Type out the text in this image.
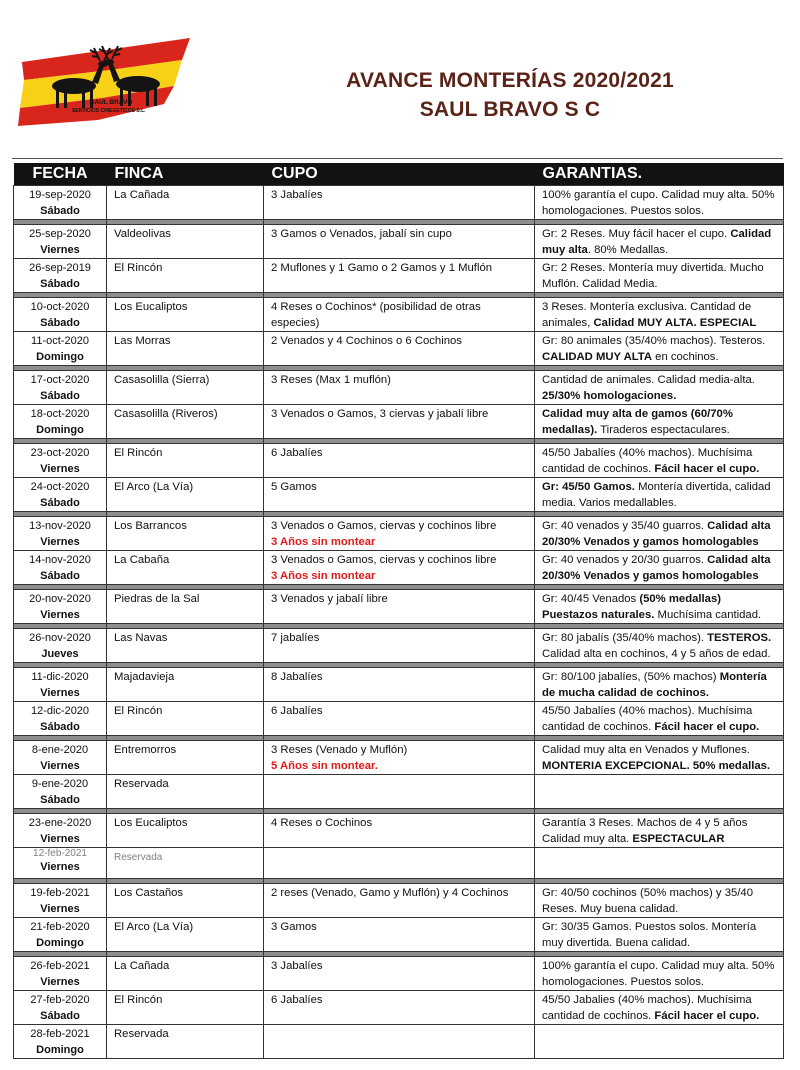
SAUL BRAVO
SERVICIOS CINEGETICOS S.L.
AVANCE MONTERÍAS 2020/2021
SAUL BRAVO S C
FECHA	FINCA	CUPO	GARANTIAS.

19-sep-2020
Sábado	La Cañada	3 Jabalíes	100% garantía el cupo. Calidad muy alta. 50% homologaciones. Puestos solos.

25-sep-2020
Viernes	Valdeolivas	3 Gamos o Venados, jabalí sin cupo	Gr: 2 Reses. Muy fácil hacer el cupo. Calidad muy alta. 80% Medallas.

26-sep-2019
Sábado	El Rincón	2 Muflones y 1 Gamo o 2 Gamos y 1 Muflón	Gr: 2 Reses. Montería muy divertida. Mucho Muflón. Calidad Media.

10-oct-2020
Sábado	Los Eucaliptos	4 Reses o Cochinos* (posibilidad de otras especies)	3 Reses. Montería exclusiva. Cantidad de animales, Calidad MUY ALTA. ESPECIAL

11-oct-2020
Domingo	Las Morras	2 Venados y 4 Cochinos o 6 Cochinos	Gr: 80 animales (35/40% machos). Testeros. CALIDAD MUY ALTA en cochinos.

17-oct-2020
Sábado	Casasolilla (Sierra)	3 Reses (Max 1 muflón)	Cantidad de animales. Calidad media-alta. 25/30% homologaciones.

18-oct-2020
Domingo	Casasolilla (Riveros)	3 Venados o Gamos, 3 ciervas y jabalí libre	Calidad muy alta de gamos (60/70% medallas). Tiraderos espectaculares.

23-oct-2020
Viernes	El Rincón	6 Jabalíes	45/50 Jabalíes (40% machos). Muchísima cantidad de cochinos. Fácil hacer el cupo.

24-oct-2020
Sábado	El Arco (La Vía)	5 Gamos	Gr: 45/50 Gamos. Montería divertida, calidad media. Varios medallables.

13-nov-2020
Viernes	Los Barrancos	3 Venados o Gamos, ciervas y cochinos libre
3 Años sin montear	Gr: 40 venados y 35/40 guarros. Calidad alta 20/30% Venados y gamos homologables

14-nov-2020
Sábado	La Cabaña	3 Venados o Gamos, ciervas y cochinos libre
3 Años sin montear	Gr: 40 venados y 20/30 guarros. Calidad alta 20/30% Venados y gamos homologables

20-nov-2020
Viernes	Piedras de la Sal	3 Venados y jabalí libre	Gr: 40/45 Venados (50% medallas) Puestazos naturales. Muchísima cantidad.

26-nov-2020
Jueves	Las Navas	7 jabalíes	Gr: 80 jabalís (35/40% machos). TESTEROS. Calidad alta en cochinos, 4 y 5 años de edad.

11-dic-2020
Viernes	Majadavieja	8 Jabalíes	Gr: 80/100 jabalíes, (50% machos) Montería de mucha calidad de cochinos.

12-dic-2020
Sábado	El Rincón	6 Jabalíes	45/50 Jabalíes (40% machos). Muchísima cantidad de cochinos. Fácil hacer el cupo.

8-ene-2020
Viernes	Entremorros	3 Reses (Venado y Muflón)
5 Años sin montear.	Calidad muy alta en Venados y Muflones. MONTERIA EXCEPCIONAL. 50% medallas.

9-ene-2020
Sábado	Reservada		

23-ene-2020
Viernes	Los Eucaliptos	4 Reses o Cochinos	Garantía 3 Reses. Machos de 4 y 5 años Calidad muy alta. ESPECTACULAR

12-feb-2021
Viernes	Reservada		

19-feb-2021
Viernes	Los Castaños	2 reses (Venado, Gamo y Muflón) y 4 Cochinos	Gr: 40/50 cochinos (50% machos) y 35/40 Reses. Muy buena calidad.

21-feb-2020
Domingo	El Arco (La Vía)	3 Gamos	Gr: 30/35 Gamos. Puestos solos. Montería muy divertida. Buena calidad.

26-feb-2021
Viernes	La Cañada	3 Jabalíes	100% garantía el cupo. Calidad muy alta. 50% homologaciones. Puestos solos.

27-feb-2020
Sábado	El Rincón	6 Jabalíes	45/50 Jabalies (40% machos). Muchísima cantidad de cochinos. Fácil hacer el cupo.

28-feb-2021
Domingo	Reservada		
